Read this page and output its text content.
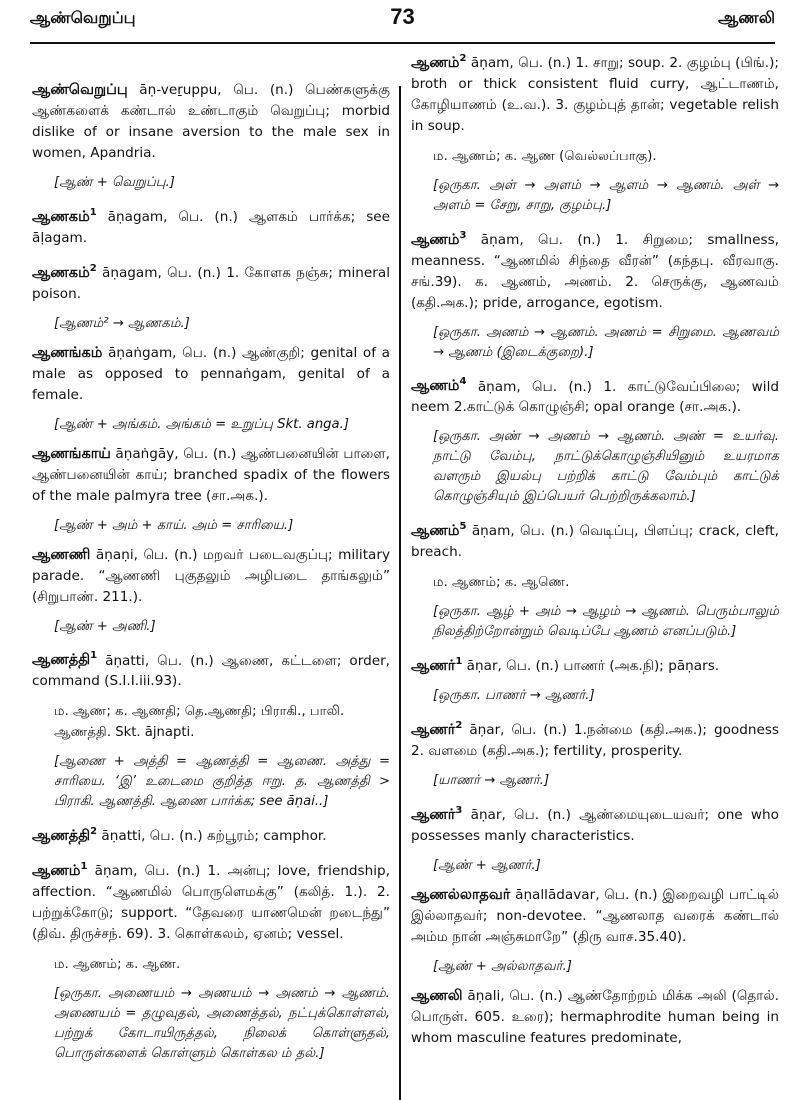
ஆண்வெறுப்பு	73	ஆணலி

ஆண்வெறுப்பு āṇ-veṟuppu, பெ. (n.) பெண்களுக்கு ஆண்களைக் கண்டால் உண்டாகும் வெறுப்பு; morbid dislike of or insane aversion to the male sex in women, Apandria.

[ஆண் + வெறுப்பு.]

ஆணகம்$^1$ āṇagam, பெ. (n.) ஆளகம் பார்க்க; see āḷagam.

ஆணகம்$^2$ āṇagam, பெ. (n.) 1. கோளக நஞ்சு; mineral poison.

[ஆணம்² → ஆணகம்.]

ஆணங்கம் āṇaṅgam, பெ. (n.) ஆண்குறி; genital of a male as opposed to pennaṅgam, genital of a female.

[ஆண் + அங்கம். அங்கம் = உறுப்பு Skt. anga.]

ஆணங்காய் āṇaṅgāy, பெ. (n.) ஆண்பனையின் பாளை, ஆண்பனையின் காய்; branched spadix of the flowers of the male palmyra tree (சா.அக.).

[ஆண் + அம் + காய். அம் = சாரியை.]

ஆணணி āṇaṇi, பெ. (n.) மறவர் படைவகுப்பு; military parade. “ஆணணி புகுதலும் அழிபடை தாங்கலும்” (சிறுபாண். 211.).

[ஆண் + அணி.]

ஆணத்தி$^1$ āṇatti, பெ. (n.) ஆணை, கட்டளை; order, command (S.I.I.iii.93).

ம. ஆண; க. ஆணதி; தெ.ஆணதி; பிராகி., பாலி. ஆணத்தி. Skt. ājnapti.

[ஆணை + அத்தி = ஆணத்தி = ஆணை. அத்து = சாரியை. ‘இ’ உடைமை குறித்த ஈறு. த. ஆணத்தி > பிராகி. ஆணத்தி. ஆணை பார்க்க; see āṇai..]

ஆணத்தி$^2$ āṇatti, பெ. (n.) கற்பூரம்; camphor.

ஆணம்$^1$ āṇam, பெ. (n.) 1. அன்பு; love, friendship, affection. “ஆணமில் பொருளெமக்கு” (கலித். 1.). 2. பற்றுக்கோடு; support. “தேவரை யாணமென் றடைந்து” (திவ். திருச்சந். 69). 3. கொள்கலம், ஏனம்; vessel.

ம. ஆணம்; க. ஆண.

[ஒருகா. அணையம் → அணயம் → அணம் → ஆணம். அணையம் = தழுவுதல், அணைத்தல், நட்புக்கொள்ளல், பற்றுக் கோடாயிருத்தல், நிலைக் கொள்ளுதல், பொருள்களைக் கொள்ளும் கொள்கல ம் தல்.]

ஆணம்$^2$ āṇam, பெ. (n.) 1. சாறு; soup. 2. குழம்பு (பிங்.); broth or thick consistent fluid curry, ஆட்டாணம், கோழியாணம் (உ.வ.). 3. குழம்புத் தான்; vegetable relish in soup.

ம. ஆணம்; க. ஆண (வெல்லப்பாகு).

[ஒருகா. அள் → அளம் → ஆளம் → ஆணம். அள் → அளம் = சேறு, சாறு, குழம்பு.]

ஆணம்$^3$ āṇam, பெ. (n.) 1. சிறுமை; smallness, meanness. “ஆணமில் சிந்தை வீரன்” (கந்தபு. வீரவாகு. சங்.39). க. ஆணம், அணம். 2. செருக்கு, ஆணவம் (கதி.அக.); pride, arrogance, egotism.

[ஒருகா. அணம் → ஆணம். அணம் = சிறுமை. ஆணவம் → ஆணம் (இடைக்குறை).]

ஆணம்$^4$ āṇam, பெ. (n.) 1. காட்டுவேப்பிலை; wild neem 2.காட்டுக் கொழுஞ்சி; opal orange (சா.அக.).

[ஒருகா. அண் → அணம் → ஆணம். அண் = உயர்வு. நாட்டு வேம்பு, நாட்டுக்கொழுஞ்சியினும் உயரமாக வளரும் இயல்பு பற்றிக் காட்டு வேம்பும் காட்டுக் கொழுஞ்சியும் இப்பெயர் பெற்றிருக்கலாம்.]

ஆணம்$^5$ āṇam, பெ. (n.) வெடிப்பு, பிளப்பு; crack, cleft, breach.

ம. ஆணம்; க. ஆணெ.

[ஒருகா. ஆழ் + அம் → ஆழம் → ஆணம். பெரும்பாலும் நிலத்திற்றோன்றும் வெடிப்பே ஆணம் எனப்படும்.]

ஆணர்$^1$ āṇar, பெ. (n.) பாணர் (அக.நி); pāṇars.

[ஒருகா. பாணர் → ஆணர்.]

ஆணர்$^2$ āṇar, பெ. (n.) 1.நன்மை (கதி.அக.); goodness 2. வளமை (கதி.அக.); fertility, prosperity.

[யாணர் → ஆணர்.]

ஆணர்$^3$ āṇar, பெ. (n.) ஆண்மையுடையவர்; one who possesses manly characteristics.

[ஆண் + ஆணர்.]

ஆணல்லாதவர் āṇallādavar, பெ. (n.) இறைவழி பாட்டில் இல்லாதவர்; non-devotee. “ஆணலாத வரைக் கண்டால் அம்ம நான் அஞ்சுமாறே” (திரு வாச.35.40).

[ஆண் + அல்லாதவர்.]

ஆணலி āṇali, பெ. (n.) ஆண்தோற்றம் மிக்க அலி (தொல். பொருள். 605. உரை); hermaphrodite human being in whom masculine features predominate,
